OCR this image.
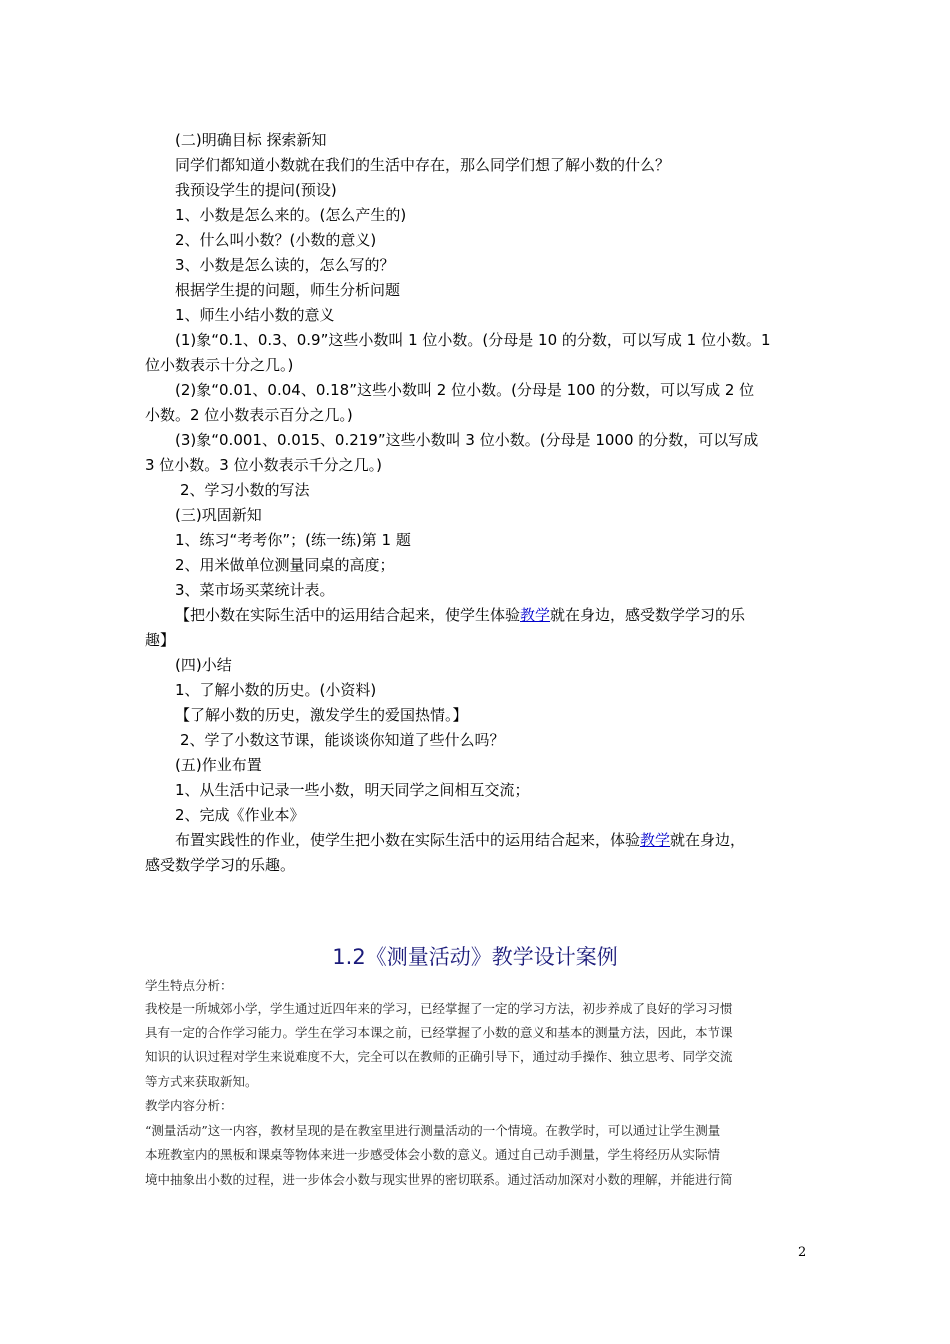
(二)明确目标 探索新知
同学们都知道小数就在我们的生活中存在，那么同学们想了解小数的什么？
我预设学生的提问(预设)
1、小数是怎么来的。(怎么产生的)
2、什么叫小数？(小数的意义)
3、小数是怎么读的，怎么写的？
根据学生提的问题，师生分析问题
1、师生小结小数的意义
(1)象“0.1、0.3、0.9”这些小数叫 1 位小数。(分母是 10 的分数，可以写成 1 位小数。1
位小数表示十分之几。)
(2)象“0.01、0.04、0.18”这些小数叫 2 位小数。(分母是 100 的分数，可以写成 2 位
小数。2 位小数表示百分之几。)
(3)象“0.001、0.015、0.219”这些小数叫 3 位小数。(分母是 1000 的分数，可以写成
3 位小数。3 位小数表示千分之几。)
2、学习小数的写法
(三)巩固新知
1、练习“考考你”；(练一练)第 1 题
2、用米做单位测量同桌的高度；
3、菜市场买菜统计表。
【把小数在实际生活中的运用结合起来，使学生体验教学就在身边，感受数学学习的乐
趣】
(四)小结
1、了解小数的历史。(小资料)
【了解小数的历史，激发学生的爱国热情。】
2、学了小数这节课，能谈谈你知道了些什么吗？
(五)作业布置
1、从生活中记录一些小数，明天同学之间相互交流；
2、完成《作业本》
布置实践性的作业，使学生把小数在实际生活中的运用结合起来，体验教学就在身边，
感受数学学习的乐趣。
1.2《测量活动》教学设计案例
学生特点分析：
我校是一所城郊小学，学生通过近四年来的学习，已经掌握了一定的学习方法，初步养成了良好的学习习惯
具有一定的合作学习能力。学生在学习本课之前，已经掌握了小数的意义和基本的测量方法，因此，本节课
知识的认识过程对学生来说难度不大，完全可以在教师的正确引导下，通过动手操作、独立思考、同学交流
等方式来获取新知。
教学内容分析：
“测量活动”这一内容，教材呈现的是在教室里进行测量活动的一个情境。在教学时，可以通过让学生测量
本班教室内的黑板和课桌等物体来进一步感受体会小数的意义。通过自己动手测量，学生将经历从实际情
境中抽象出小数的过程，进一步体会小数与现实世界的密切联系。通过活动加深对小数的理解，并能进行简
2
